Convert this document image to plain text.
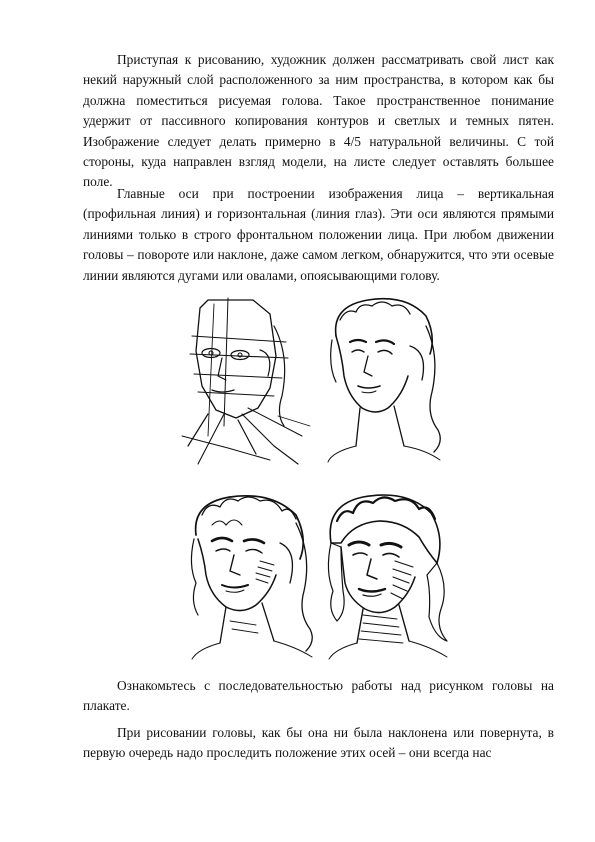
Приступая к рисованию, художник должен рассматривать свой лист как некий наружный слой расположенного за ним пространства, в котором как бы должна поместиться рисуемая голова. Такое пространственное понимание удержит от пассивного копирования контуров и светлых и темных пятен. Изображение следует делать примерно в 4/5 натуральной величины. С той стороны, куда направлен взгляд модели, на листе следует оставлять большее поле.

Главные оси при построении изображения лица – вертикальная (профильная линия) и горизонтальная (линия глаз). Эти оси являются прямыми линиями только в строго фронтальном положении лица. При любом движении головы – повороте или наклоне, даже самом легком, обнаружится, что эти осевые линии являются дугами или овалами, опоясывающими голову.

Ознакомьтесь с последовательностью работы над рисунком головы на плакате.

При рисовании головы, как бы она ни была наклонена или повернута, в первую очередь надо проследить положение этих осей – они всегда нас
